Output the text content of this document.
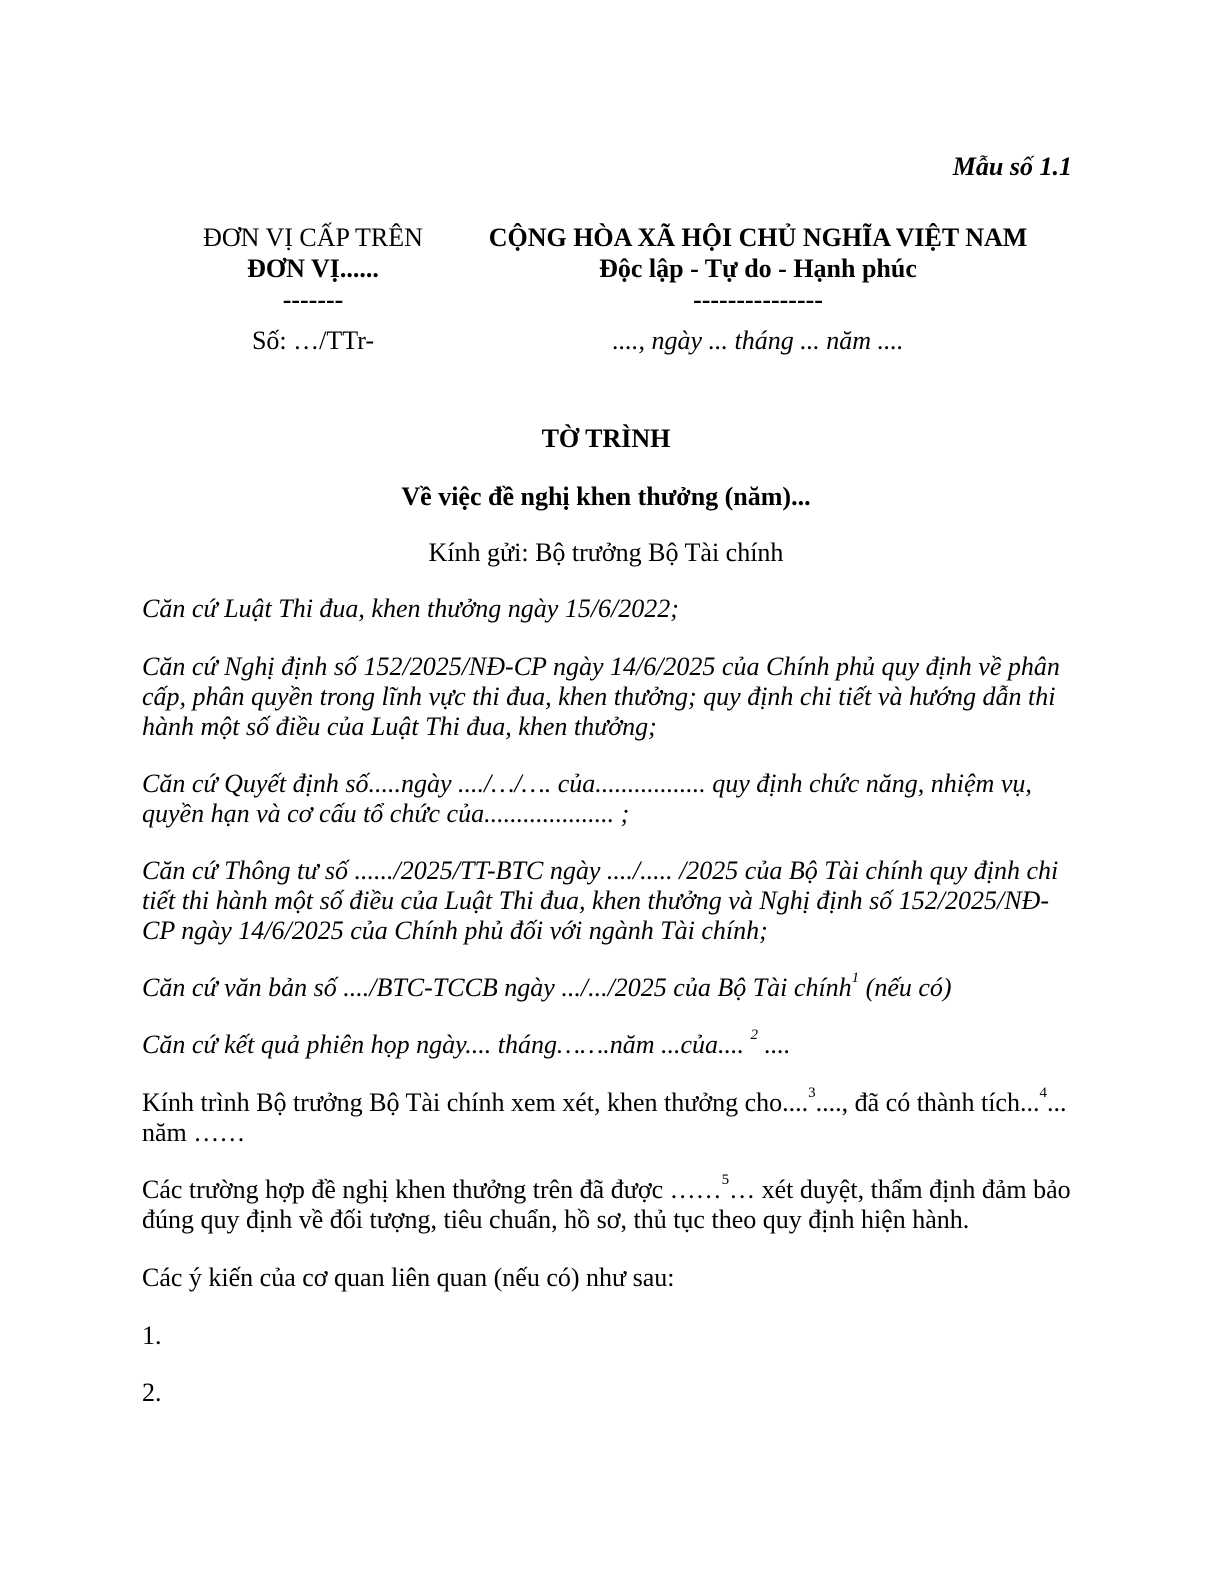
Mẫu số 1.1
ĐƠN VỊ CẤP TRÊN
ĐƠN VỊ......
-------
CỘNG HÒA XÃ HỘI CHỦ NGHĨA VIỆT NAM
Độc lập - Tự do - Hạnh phúc
---------------
Số: …/TTr-	...., ngày ... tháng ... năm ....
TỜ TRÌNH
Về việc đề nghị khen thưởng (năm)...
Kính gửi: Bộ trưởng Bộ Tài chính
Căn cứ Luật Thi đua, khen thưởng ngày 15/6/2022;
Căn cứ Nghị định số 152/2025/NĐ-CP ngày 14/6/2025 của Chính phủ quy định về phân cấp, phân quyền trong lĩnh vực thi đua, khen thưởng; quy định chi tiết và hướng dẫn thi hành một số điều của Luật Thi đua, khen thưởng;
Căn cứ Quyết định số.....ngày ..../…/…. của................. quy định chức năng, nhiệm vụ, quyền hạn và cơ cấu tổ chức của.................... ;
Căn cứ Thông tư số ....../2025/TT-BTC ngày ..../..... /2025 của Bộ Tài chính quy định chi tiết thi hành một số điều của Luật Thi đua, khen thưởng và Nghị định số 152/2025/NĐ-CP ngày 14/6/2025 của Chính phủ đối với ngành Tài chính;
Căn cứ văn bản số ..../BTC-TCCB ngày .../.../2025 của Bộ Tài chính$^1$ (nếu có)
Căn cứ kết quả phiên họp ngày.... tháng…….năm ...của.... $^2$ ....
Kính trình Bộ trưởng Bộ Tài chính xem xét, khen thưởng cho....$^3$...., đã có thành tích...$^4$... năm ……
Các trường hợp đề nghị khen thưởng trên đã được ……$^5$… xét duyệt, thẩm định đảm bảo đúng quy định về đối tượng, tiêu chuẩn, hồ sơ, thủ tục theo quy định hiện hành.
Các ý kiến của cơ quan liên quan (nếu có) như sau:
1.
2.
